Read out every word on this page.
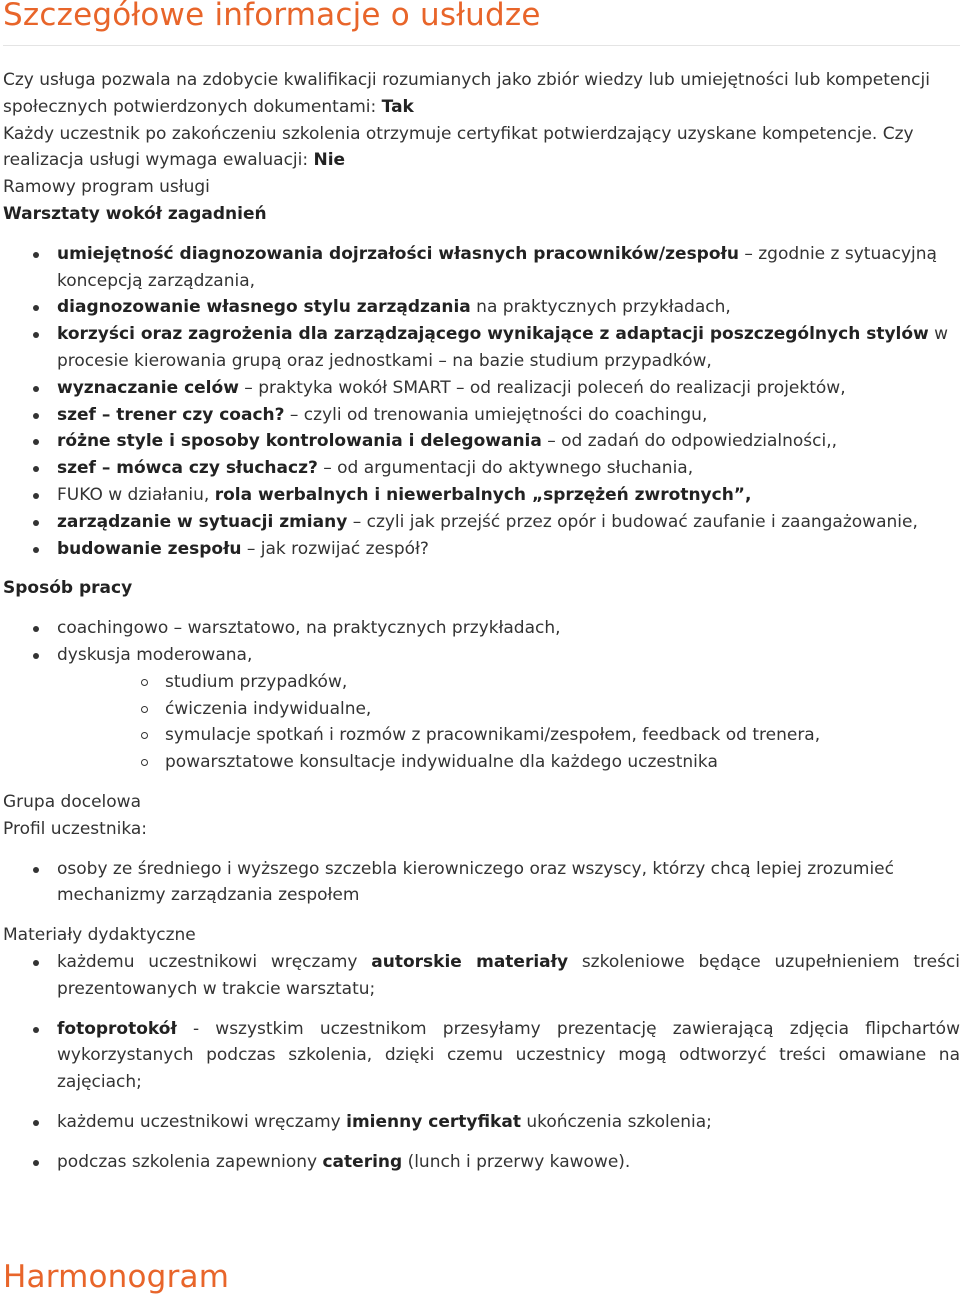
Szczegółowe informacje o usłudze

Czy usługa pozwala na zdobycie kwalifikacji rozumianych jako zbiór wiedzy lub umiejętności lub kompetencji społecznych potwierdzonych dokumentami: Tak

Każdy uczestnik po zakończeniu szkolenia otrzymuje certyfikat potwierdzający uzyskane kompetencje. Czy realizacja usługi wymaga ewaluacji: Nie

Ramowy program usługi

Warsztaty wokół zagadnień

umiejętność diagnozowania dojrzałości własnych pracowników/zespołu – zgodnie z sytuacyjną koncepcją zarządzania,
diagnozowanie własnego stylu zarządzania na praktycznych przykładach,
korzyści oraz zagrożenia dla zarządzającego wynikające z adaptacji poszczególnych stylów w procesie kierowania grupą oraz jednostkami – na bazie studium przypadków,
wyznaczanie celów – praktyka wokół SMART – od realizacji poleceń do realizacji projektów,
szef – trener czy coach? – czyli od trenowania umiejętności do coachingu,
różne style i sposoby kontrolowania i delegowania – od zadań do odpowiedzialności,,
szef – mówca czy słuchacz? – od argumentacji do aktywnego słuchania,
FUKO w działaniu, rola werbalnych i niewerbalnych „sprzężeń zwrotnych”,
zarządzanie w sytuacji zmiany – czyli jak przejść przez opór i budować zaufanie i zaangażowanie,
budowanie zespołu – jak rozwijać zespół?

Sposób pracy

coachingowo – warsztatowo, na praktycznych przykładach,
dyskusja moderowana,
studium przypadków,
ćwiczenia indywidualne,
symulacje spotkań i rozmów z pracownikami/zespołem, feedback od trenera,
powarsztatowe konsultacje indywidualne dla każdego uczestnika

Grupa docelowa

Profil uczestnika:

osoby ze średniego i wyższego szczebla kierowniczego oraz wszyscy, którzy chcą lepiej zrozumieć mechanizmy zarządzania zespołem

Materiały dydaktyczne

każdemu uczestnikowi wręczamy autorskie materiały szkoleniowe będące uzupełnieniem treści prezentowanych w trakcie warsztatu;
fotoprotokół - wszystkim uczestnikom przesyłamy prezentację zawierającą zdjęcia flipchartów wykorzystanych podczas szkolenia, dzięki czemu uczestnicy mogą odtworzyć treści omawiane na zajęciach;
każdemu uczestnikowi wręczamy imienny certyfikat ukończenia szkolenia;
podczas szkolenia zapewniony catering (lunch i przerwy kawowe).
Harmonogram
